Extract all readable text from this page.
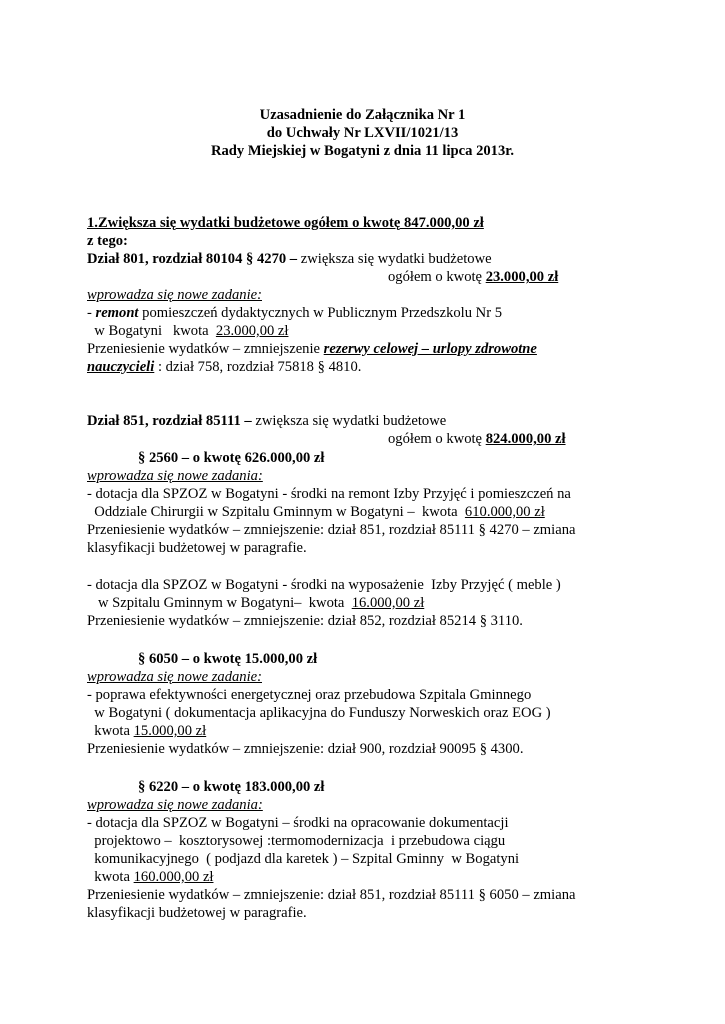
Uzasadnienie do Załącznika Nr 1
do Uchwały Nr LXVII/1021/13
Rady Miejskiej w Bogatyni z dnia 11 lipca 2013r.
1.Zwiększa się wydatki budżetowe ogółem o kwotę 847.000,00 zł
z tego:
Dział 801, rozdział 80104 § 4270 – zwiększa się wydatki budżetowe
ogółem o kwotę 23.000,00 zł
wprowadza się nowe zadanie:
- remont pomieszczeń dydaktycznych w Publicznym Przedszkolu Nr 5
w Bogatyni   kwota  23.000,00 zł
Przeniesienie wydatków – zmniejszenie rezerwy celowej – urlopy zdrowotne
nauczycieli : dział 758, rozdział 75818 § 4810.
Dział 851, rozdział 85111 – zwiększa się wydatki budżetowe
ogółem o kwotę 824.000,00 zł
§ 2560 – o kwotę 626.000,00 zł
wprowadza się nowe zadania:
- dotacja dla SPZOZ w Bogatyni - środki na remont Izby Przyjęć i pomieszczeń na
Oddziale Chirurgii w Szpitalu Gminnym w Bogatyni –  kwota  610.000,00 zł
Przeniesienie wydatków – zmniejszenie: dział 851, rozdział 85111 § 4270 – zmiana
klasyfikacji budżetowej w paragrafie.
- dotacja dla SPZOZ w Bogatyni - środki na wyposażenie  Izby Przyjęć ( meble )
w Szpitalu Gminnym w Bogatyni–  kwota  16.000,00 zł
Przeniesienie wydatków – zmniejszenie: dział 852, rozdział 85214 § 3110.
§ 6050 – o kwotę 15.000,00 zł
wprowadza się nowe zadanie:
- poprawa efektywności energetycznej oraz przebudowa Szpitala Gminnego
w Bogatyni ( dokumentacja aplikacyjna do Funduszy Norweskich oraz EOG )
kwota 15.000,00 zł
Przeniesienie wydatków – zmniejszenie: dział 900, rozdział 90095 § 4300.
§ 6220 – o kwotę 183.000,00 zł
wprowadza się nowe zadania:
- dotacja dla SPZOZ w Bogatyni – środki na opracowanie dokumentacji
projektowo –  kosztorysowej :termomodernizacja  i przebudowa ciągu
komunikacyjnego  ( podjazd dla karetek ) – Szpital Gminny  w Bogatyni
kwota 160.000,00 zł
Przeniesienie wydatków – zmniejszenie: dział 851, rozdział 85111 § 6050 – zmiana
klasyfikacji budżetowej w paragrafie.
